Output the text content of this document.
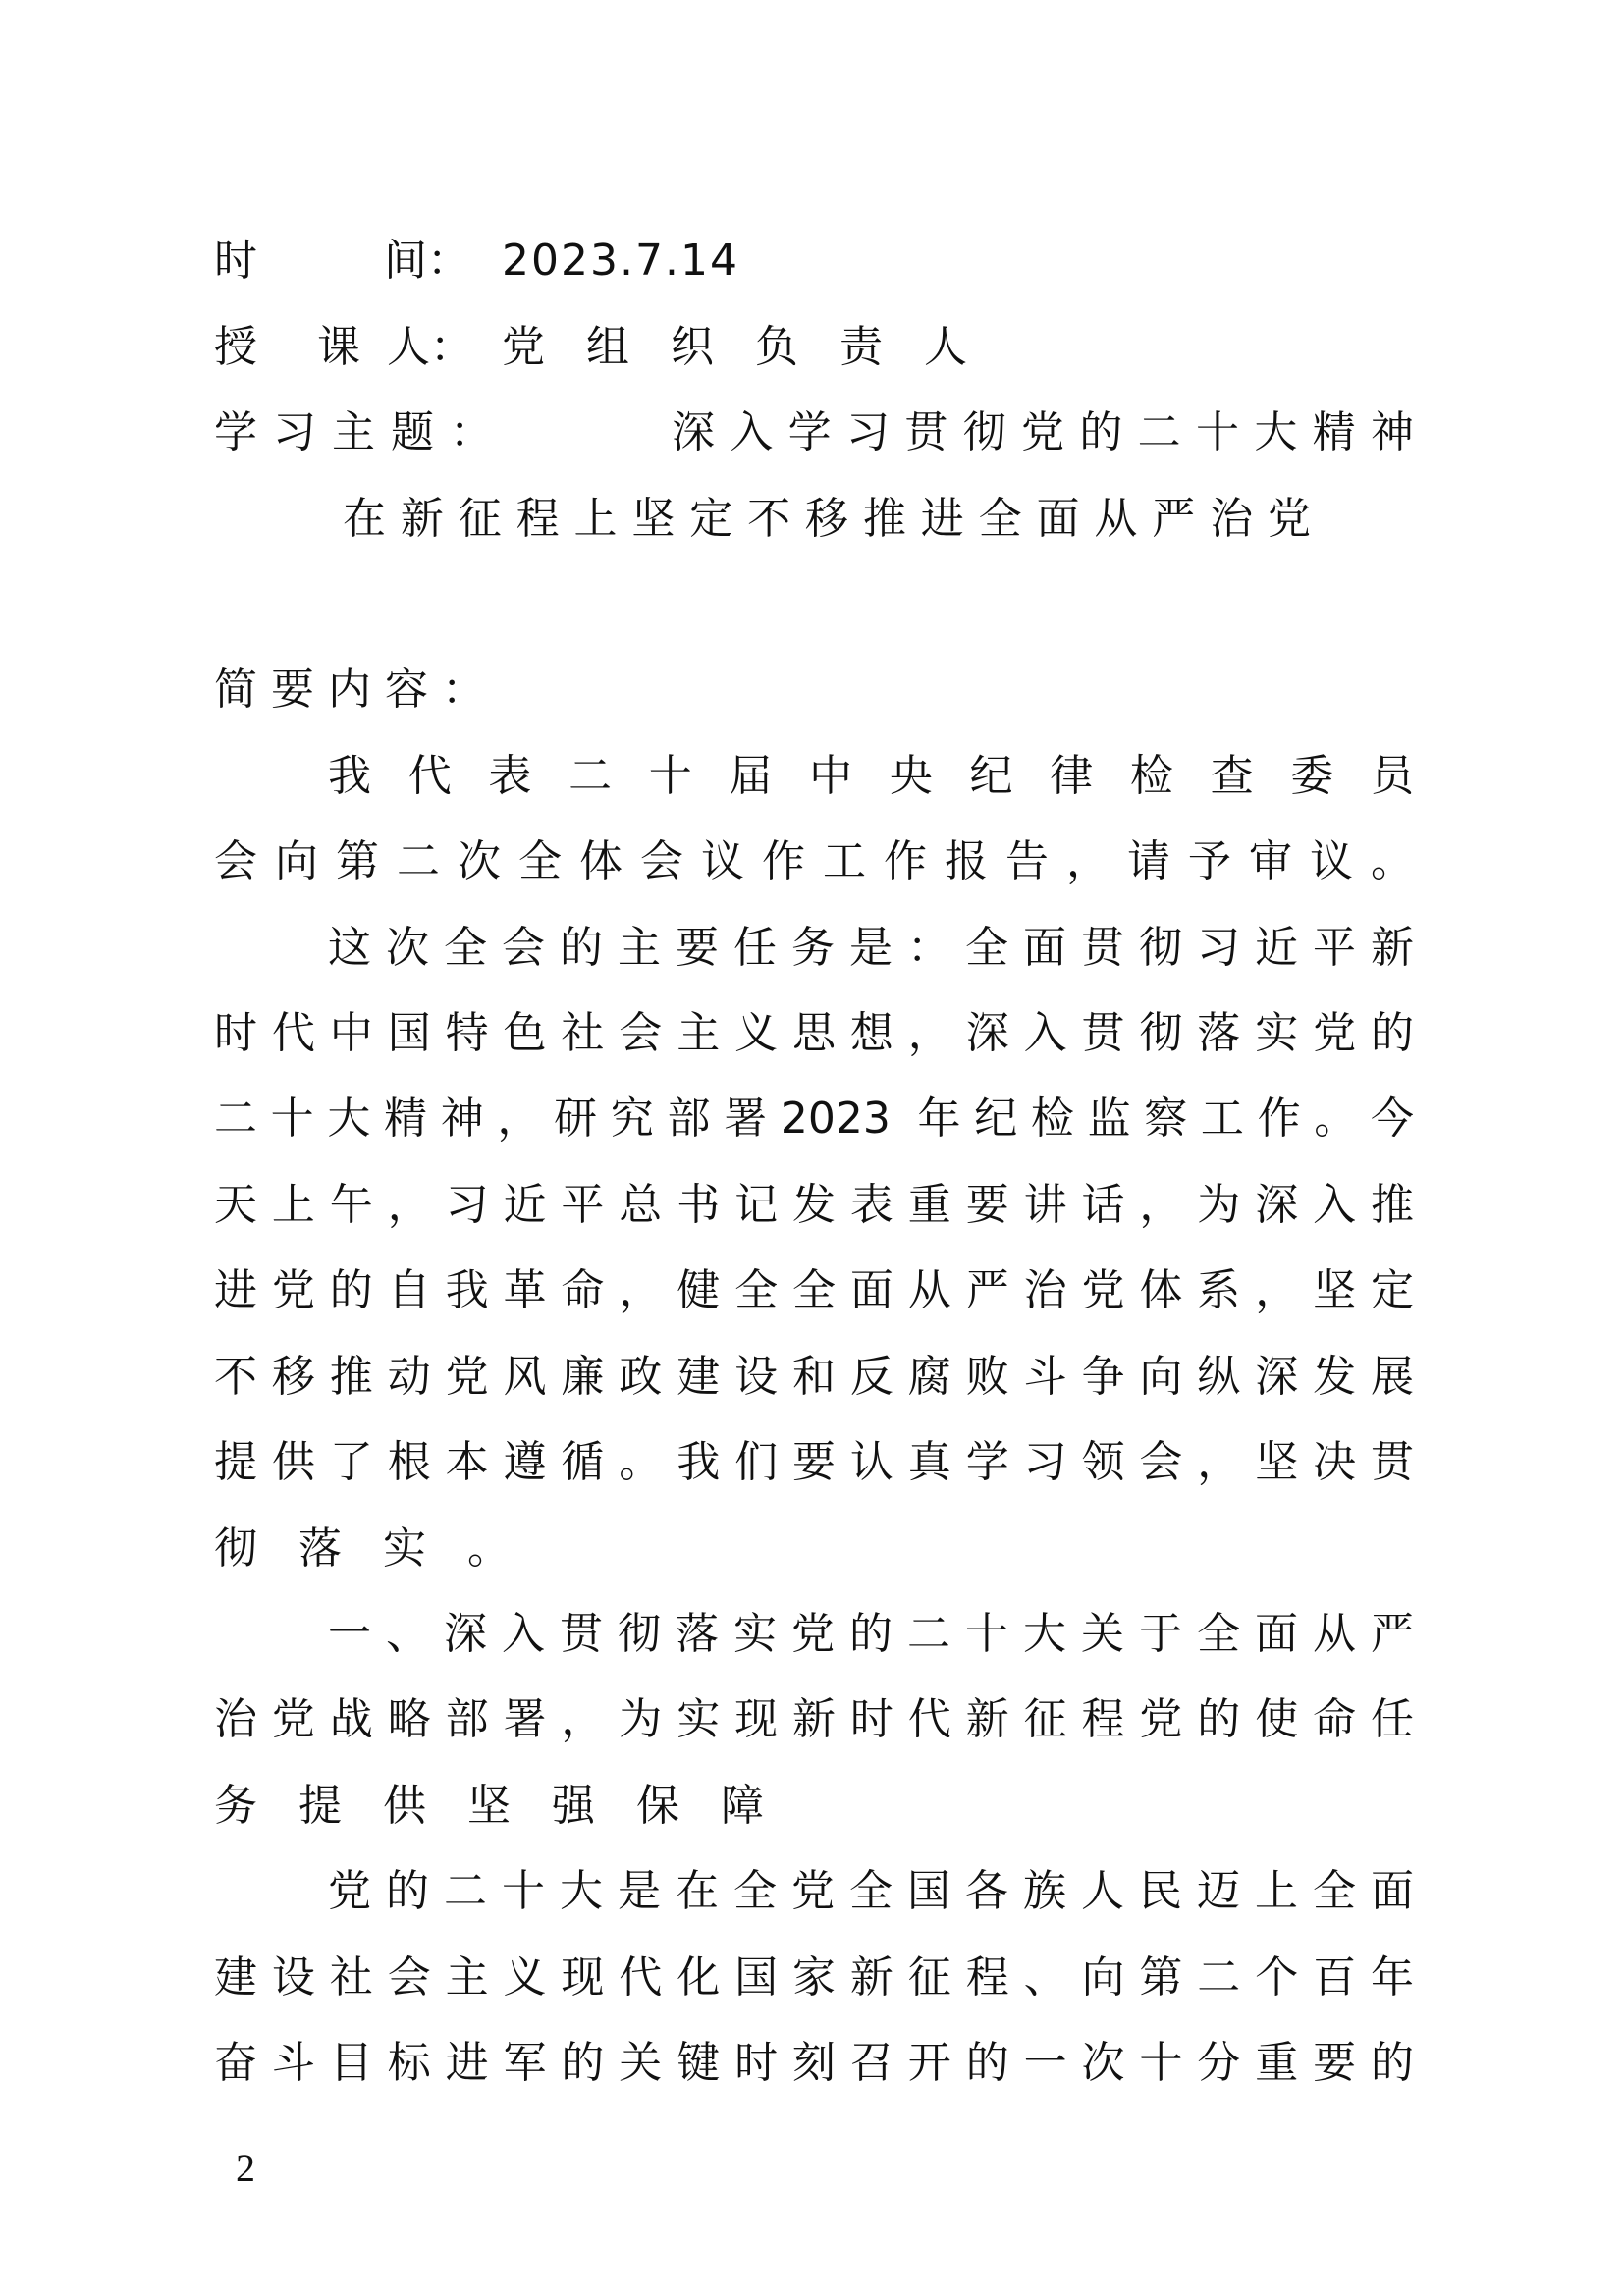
时	间： 2023.7.14
授 课 人： 党组织负责人
学习主题：	深入学习贯彻党的二十大精神
在新征程上坚定不移推进全面从严治党
简要内容：
我代表二十届中央纪律检查委员
会向第二次全体会议作工作报告，请予审议。
这次全会的主要任务是：全面贯彻习近平新
时代中国特色社会主义思想，深入贯彻落实党的
二十大精神，研究部署2023 年纪检监察工作。今
天上午，习近平总书记发表重要讲话，为深入推
进党的自我革命，健全全面从严治党体系，坚定
不移推动党风廉政建设和反腐败斗争向纵深发展
提供了根本遵循。我们要认真学习领会，坚决贯
彻落实。
一、深入贯彻落实党的二十大关于全面从严
治党战略部署，为实现新时代新征程党的使命任
务提供坚强保障
党的二十大是在全党全国各族人民迈上全面
建设社会主义现代化国家新征程、向第二个百年
奋斗目标进军的关键时刻召开的一次十分重要的
2
